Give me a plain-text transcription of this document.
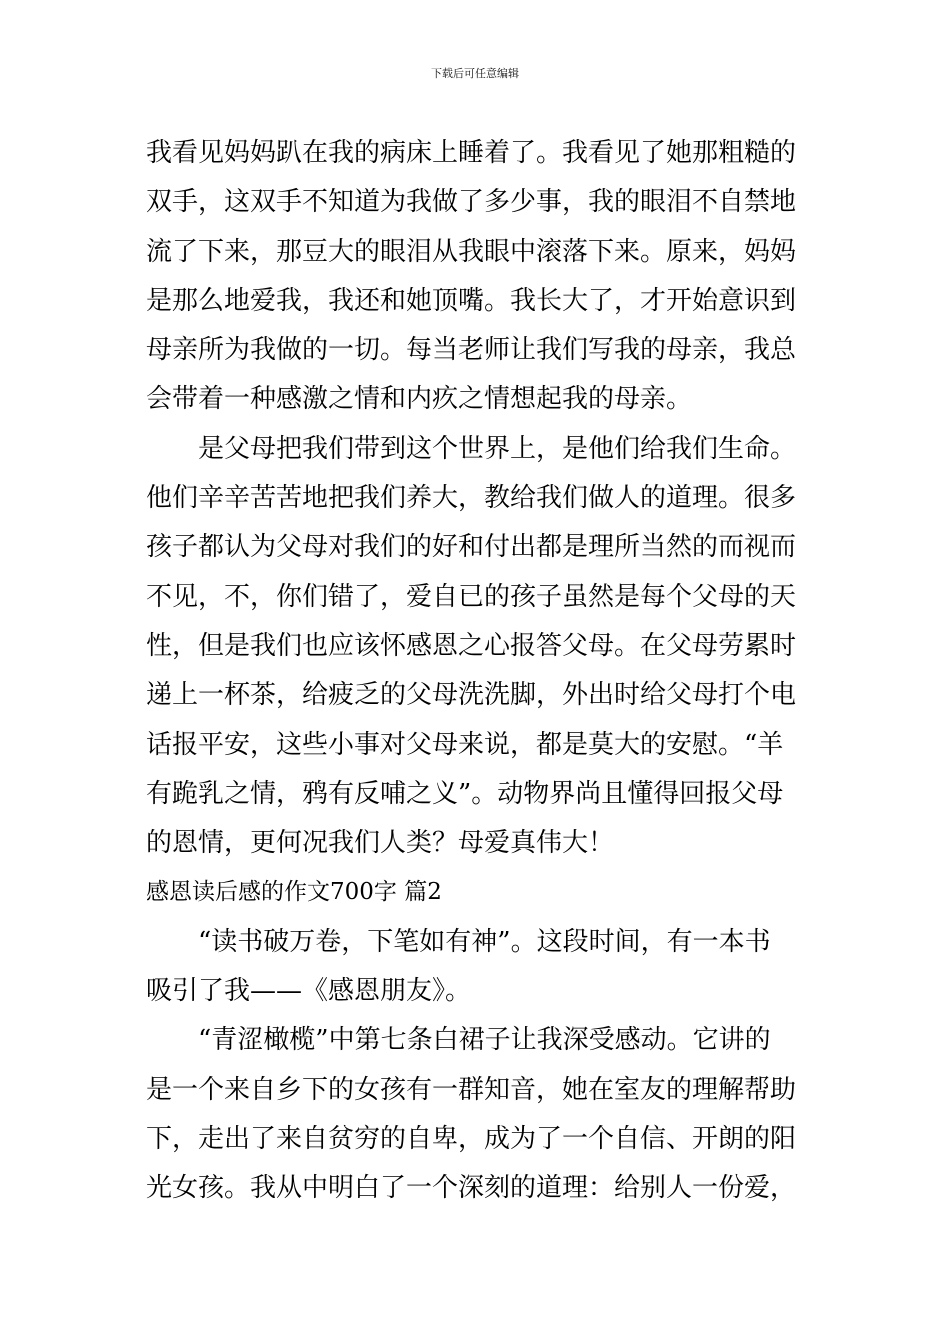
下载后可任意编辑
我看见妈妈趴在我的病床上睡着了。我看见了她那粗糙的
双手，这双手不知道为我做了多少事，我的眼泪不自禁地
流了下来，那豆大的眼泪从我眼中滚落下来。原来，妈妈
是那么地爱我，我还和她顶嘴。我长大了，才开始意识到
母亲所为我做的一切。每当老师让我们写我的母亲，我总
会带着一种感激之情和内疚之情想起我的母亲。
是父母把我们带到这个世界上，是他们给我们生命。
他们辛辛苦苦地把我们养大，教给我们做人的道理。很多
孩子都认为父母对我们的好和付出都是理所当然的而视而
不见，不，你们错了，爱自已的孩子虽然是每个父母的天
性，但是我们也应该怀感恩之心报答父母。在父母劳累时
递上一杯茶，给疲乏的父母洗洗脚，外出时给父母打个电
话报平安，这些小事对父母来说，都是莫大的安慰。“羊
有跪乳之情，鸦有反哺之义”。动物界尚且懂得回报父母
的恩情，更何况我们人类？母爱真伟大！
感恩读后感的作文700字 篇2
“读书破万卷，下笔如有神”。这段时间，有一本书
吸引了我——《感恩朋友》。
“青涩橄榄”中第七条白裙子让我深受感动。它讲的
是一个来自乡下的女孩有一群知音，她在室友的理解帮助
下，走出了来自贫穷的自卑，成为了一个自信、开朗的阳
光女孩。我从中明白了一个深刻的道理：给别人一份爱，
